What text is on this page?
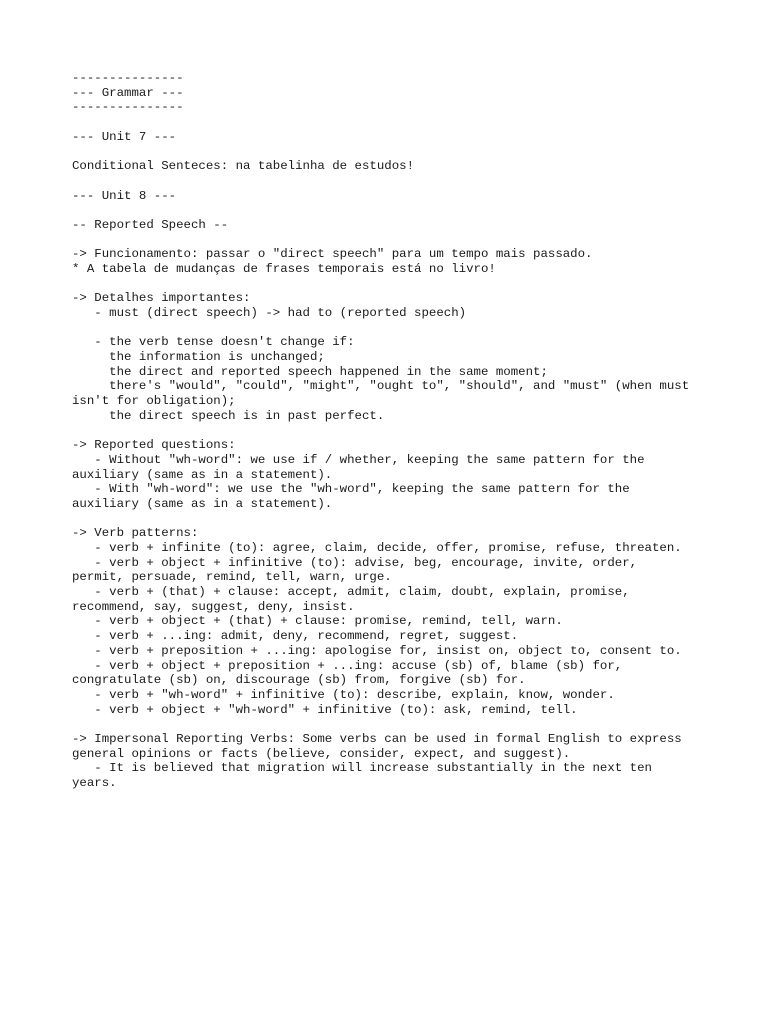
---------------
--- Grammar ---
---------------
--- Unit 7 ---
Conditional Senteces: na tabelinha de estudos!
--- Unit 8 ---
-- Reported Speech --
-> Funcionamento: passar o "direct speech" para um tempo mais passado.
* A tabela de mudanças de frases temporais está no livro!
-> Detalhes importantes:
- must (direct speech) -> had to (reported speech)
- the verb tense doesn't change if:
the information is unchanged;
the direct and reported speech happened in the same moment;
there's "would", "could", "might", "ought to", "should", and "must" (when must
isn't for obligation);
the direct speech is in past perfect.
-> Reported questions:
- Without "wh-word": we use if / whether, keeping the same pattern for the
auxiliary (same as in a statement).
- With "wh-word": we use the "wh-word", keeping the same pattern for the
auxiliary (same as in a statement).
-> Verb patterns:
- verb + infinite (to): agree, claim, decide, offer, promise, refuse, threaten.
- verb + object + infinitive (to): advise, beg, encourage, invite, order,
permit, persuade, remind, tell, warn, urge.
- verb + (that) + clause: accept, admit, claim, doubt, explain, promise,
recommend, say, suggest, deny, insist.
- verb + object + (that) + clause: promise, remind, tell, warn.
- verb + ...ing: admit, deny, recommend, regret, suggest.
- verb + preposition + ...ing: apologise for, insist on, object to, consent to.
- verb + object + preposition + ...ing: accuse (sb) of, blame (sb) for,
congratulate (sb) on, discourage (sb) from, forgive (sb) for.
- verb + "wh-word" + infinitive (to): describe, explain, know, wonder.
- verb + object + "wh-word" + infinitive (to): ask, remind, tell.
-> Impersonal Reporting Verbs: Some verbs can be used in formal English to express
general opinions or facts (believe, consider, expect, and suggest).
- It is believed that migration will increase substantially in the next ten
years.
